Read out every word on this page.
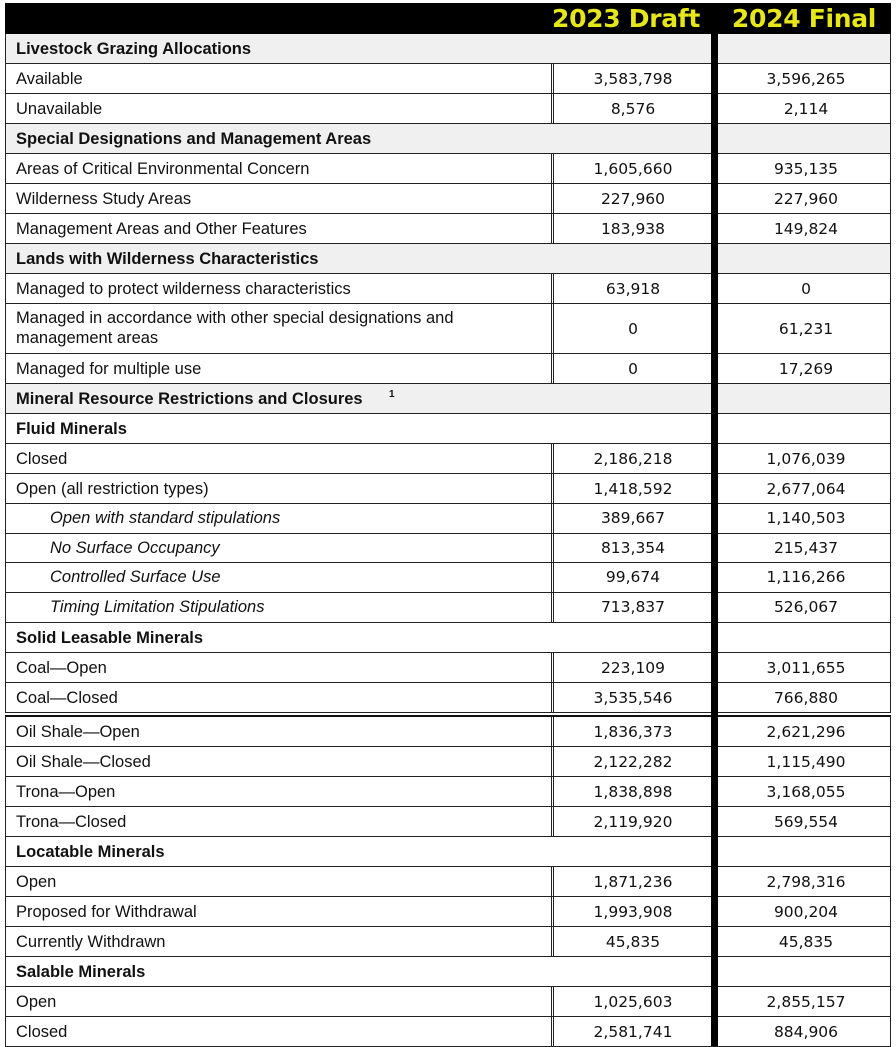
2023 Draft	2024 Final
Livestock Grazing Allocations
Available	3,583,798	3,596,265
Unavailable	8,576	2,114
Special Designations and Management Areas
Areas of Critical Environmental Concern	1,605,660	935,135
Wilderness Study Areas	227,960	227,960
Management Areas and Other Features	183,938	149,824
Lands with Wilderness Characteristics
Managed to protect wilderness characteristics	63,918	0
Managed in accordance with other special designations and management areas	0	61,231
Managed for multiple use	0	17,269
Mineral Resource Restrictions and Closures	1
Fluid Minerals
Closed	2,186,218	1,076,039
Open (all restriction types)	1,418,592	2,677,064
Open with standard stipulations	389,667	1,140,503
No Surface Occupancy	813,354	215,437
Controlled Surface Use	99,674	1,116,266
Timing Limitation Stipulations	713,837	526,067
Solid Leasable Minerals
Coal—Open	223,109	3,011,655
Coal—Closed	3,535,546	766,880
Oil Shale—Open	1,836,373	2,621,296
Oil Shale—Closed	2,122,282	1,115,490
Trona—Open	1,838,898	3,168,055
Trona—Closed	2,119,920	569,554
Locatable Minerals
Open	1,871,236	2,798,316
Proposed for Withdrawal	1,993,908	900,204
Currently Withdrawn	45,835	45,835
Salable Minerals
Open	1,025,603	2,855,157
Closed	2,581,741	884,906
